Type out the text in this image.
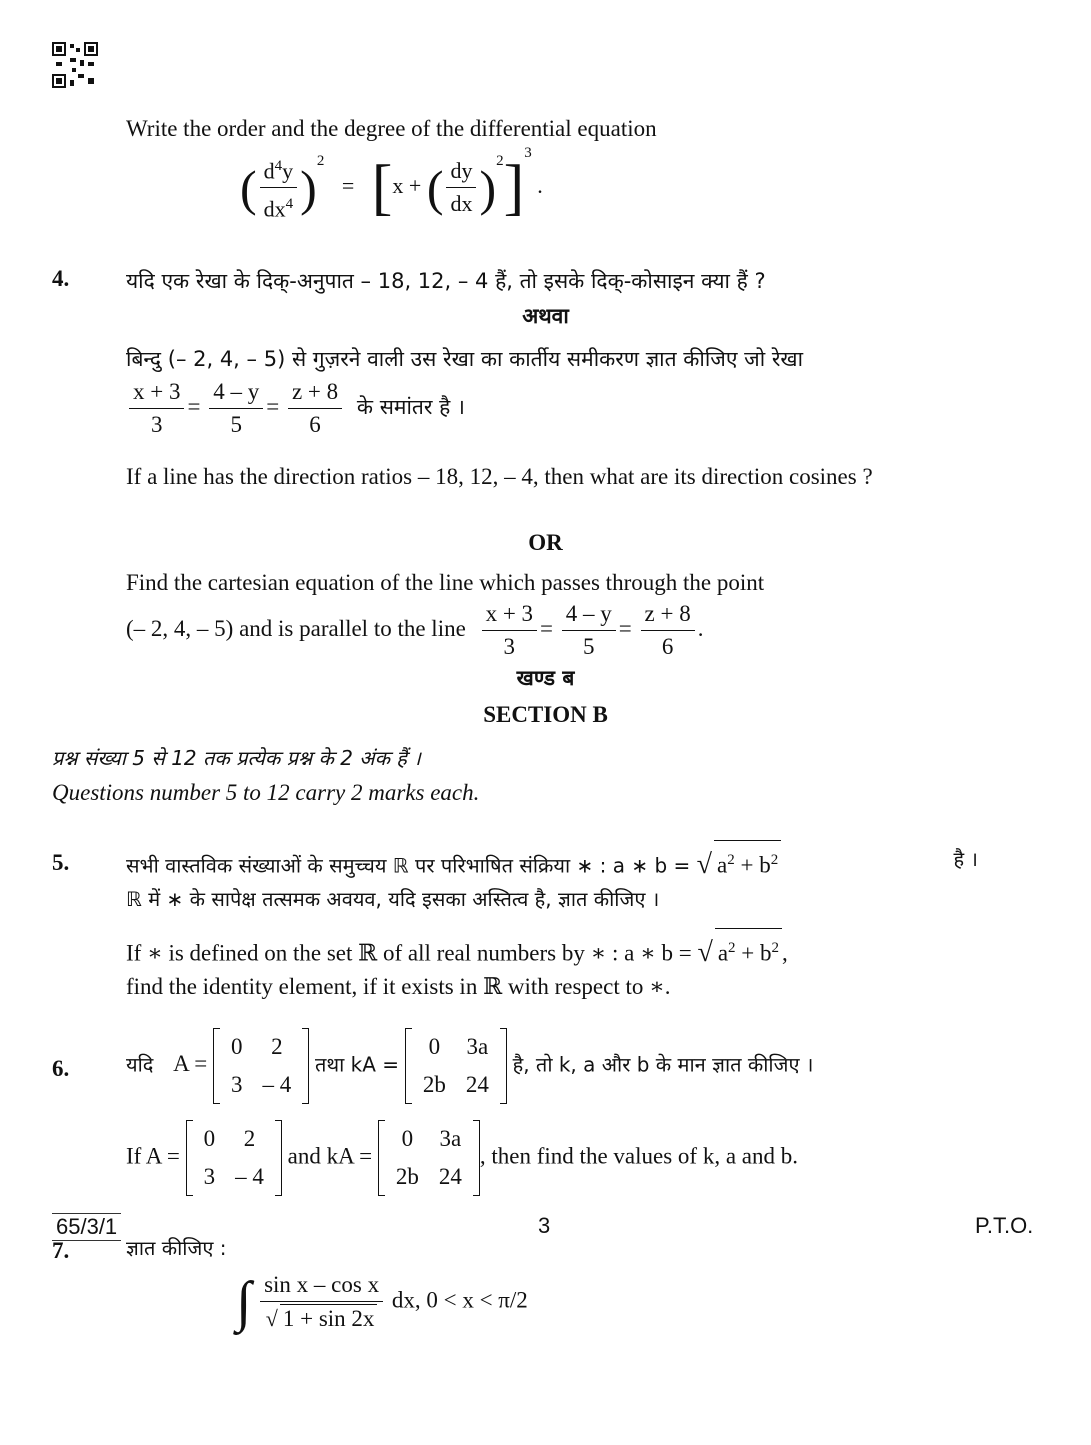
Write the order and the degree of the differential equation
( $\frac{d^4y}{dx^4} )^2 = [x$ + ( $\frac{dy}{dx} )^2]^3$ .
4.	यदि एक रेखा के दिक्-अनुपात – 18, 12, – 4 हैं, तो इसके दिक्-कोसाइन क्या हैं ?
अथवा
बिन्दु (– 2, 4, – 5) से गुज़रने वाली उस रेखा का कार्तीय समीकरण ज्ञात कीजिए जो रेखा
$\frac{x + 3}{3} = \frac{4 - y}{5} = \frac{z + 8}{6}$ के समांतर है ।
If a line has the direction ratios – 18, 12, – 4, then what are its direction cosines ?
OR
Find the cartesian equation of the line which passes through the point
(– 2, 4, – 5) and is parallel to the line $\frac{x + 3}{3} = \frac{4 - y}{5} = \frac{z + 8}{6}$ .
खण्ड ब
SECTION B
प्रश्न संख्या 5 से 12 तक प्रत्येक प्रश्न के 2 अंक हैं ।
Questions number 5 to 12 carry 2 marks each.
5.	सभी वास्तविक संख्याओं के समुच्चय ℝ पर परिभाषित संक्रिया ∗ : a ∗ b = √ $a^2 + b^2$	है ।
ℝ में ∗ के सापेक्ष तत्समक अवयव, यदि इसका अस्तित्व है, ज्ञात कीजिए ।
If ∗ is defined on the set ℝ of all real numbers by ∗ : a ∗ b = √ $a^2 + b^2$ ,
find the identity element, if it exists in ℝ with respect to ∗.
6.	यदि A =
0	2
3	– 4
तथा kA =
0	3a
2b	24
है, तो k, a और b के मान ज्ञात कीजिए ।
If A =
0	2
3	– 4
and kA =
0	3a
2b	24
, then find the values of k, a and b.
7.	ज्ञात कीजिए :
∫ $\frac{\text{sin x – cos x}}{√ 1 + \sin 2x}$ dx, 0 < x < π/2
65/3/1	3	P.T.O.
